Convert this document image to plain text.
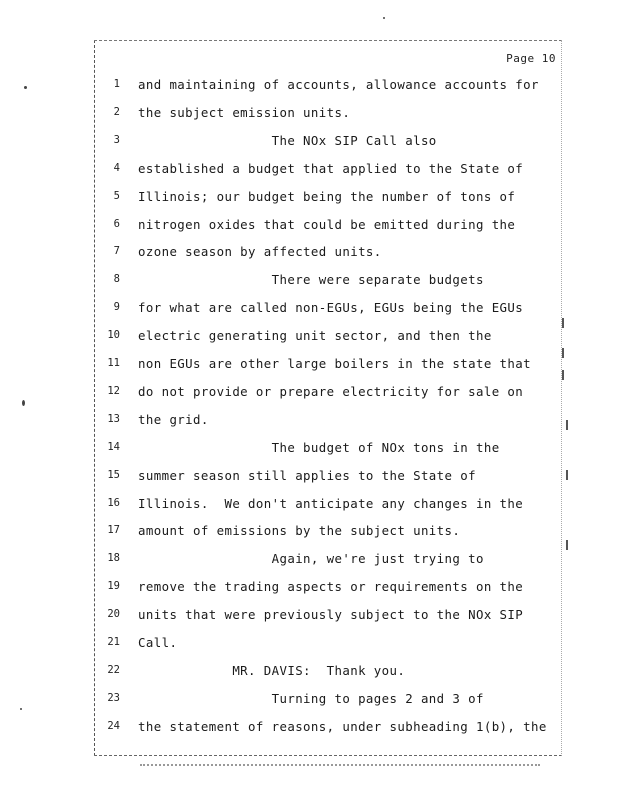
Page 10
1 and maintaining of accounts, allowance accounts for
2 the subject emission units.
3 The NOx SIP Call also
4 established a budget that applied to the State of
5 Illinois; our budget being the number of tons of
6 nitrogen oxides that could be emitted during the
7 ozone season by affected units.
8 There were separate budgets
9 for what are called non-EGUs, EGUs being the EGUs
10 electric generating unit sector, and then the
11 non EGUs are other large boilers in the state that
12 do not provide or prepare electricity for sale on
13 the grid.
14 The budget of NOx tons in the
15 summer season still applies to the State of
16 Illinois.  We don't anticipate any changes in the
17 amount of emissions by the subject units.
18 Again, we're just trying to
19 remove the trading aspects or requirements on the
20 units that were previously subject to the NOx SIP
21 Call.
22 MR. DAVIS:  Thank you.
23 Turning to pages 2 and 3 of
24 the statement of reasons, under subheading 1(b), the
